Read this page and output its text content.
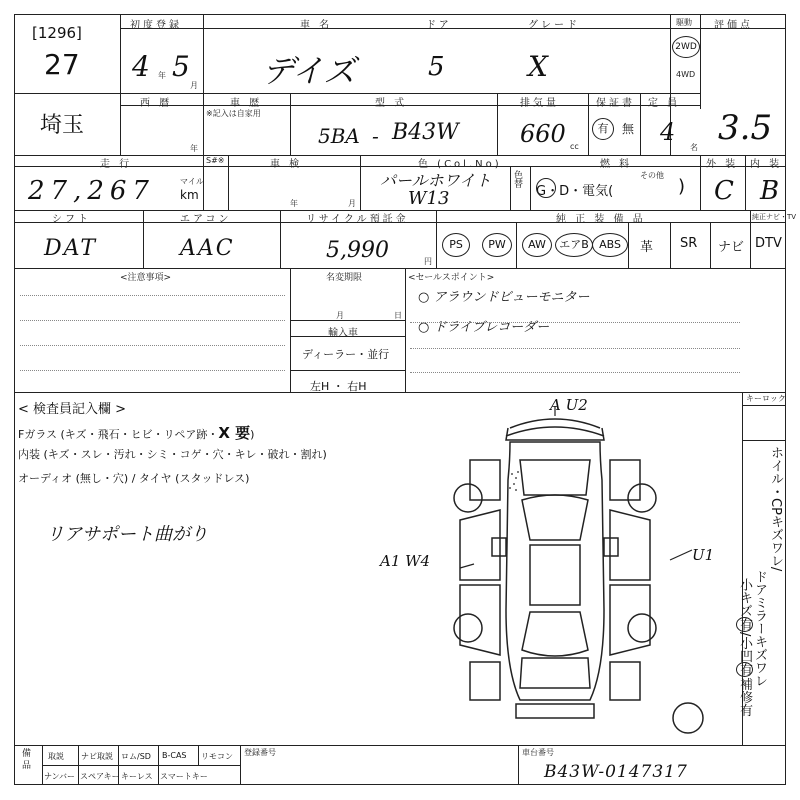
[1296]
27
初度登録
4 年 5
月
車 名
デイズ
ドア
5
グレード
X
駆動
2WD
4WD
評価点
3.5
埼玉
西 暦
年
車 歴
※記入は自家用
型 式
5BA - B43W
排気量
660 cc
保証書
有	無
定 員
4
名
走 行
27,267	マイル
km
S#※	車 検
年	月
色 (Col.No)
パールホワイト
W13
色替
燃 料
G・D・電気(
その他
)
外 装
C
内 装
B
シフト
DAT
エアコン
AAC
リサイクル預託金
5,990	円
純 正 装 備 品	純正ナビ・TV
PS	PW	AW	エアB ABS	革 SR ナビ DTV
<注意事項>	名変期限
月	日
輸入車
ディーラー・並行
左H ・ 右H
<セールスポイント>
○ アラウンドビューモニター
○ ドライブレコーダー
< 検査員記入欄 >
Fガラス (キズ・飛石・ヒビ・リペア跡・X 要)
内装 (キズ・スレ・汚れ・シミ・コゲ・穴・キレ・破れ・割れ)
オーディオ (無し・穴) / タイヤ (スタッドレス)
リアサポート曲がり
キーロック
ホイル・CPキズワレ/
ドアミラーキズワレ
小キズ有/小凹有補修有
A U2
A1 W4	U1
備 品 取説 ナビ取説 ロム/SD B-CAS リモコン
ナンバー スペアキー キーレス スマートキー
登録番号	車台番号
B43W-0147317
